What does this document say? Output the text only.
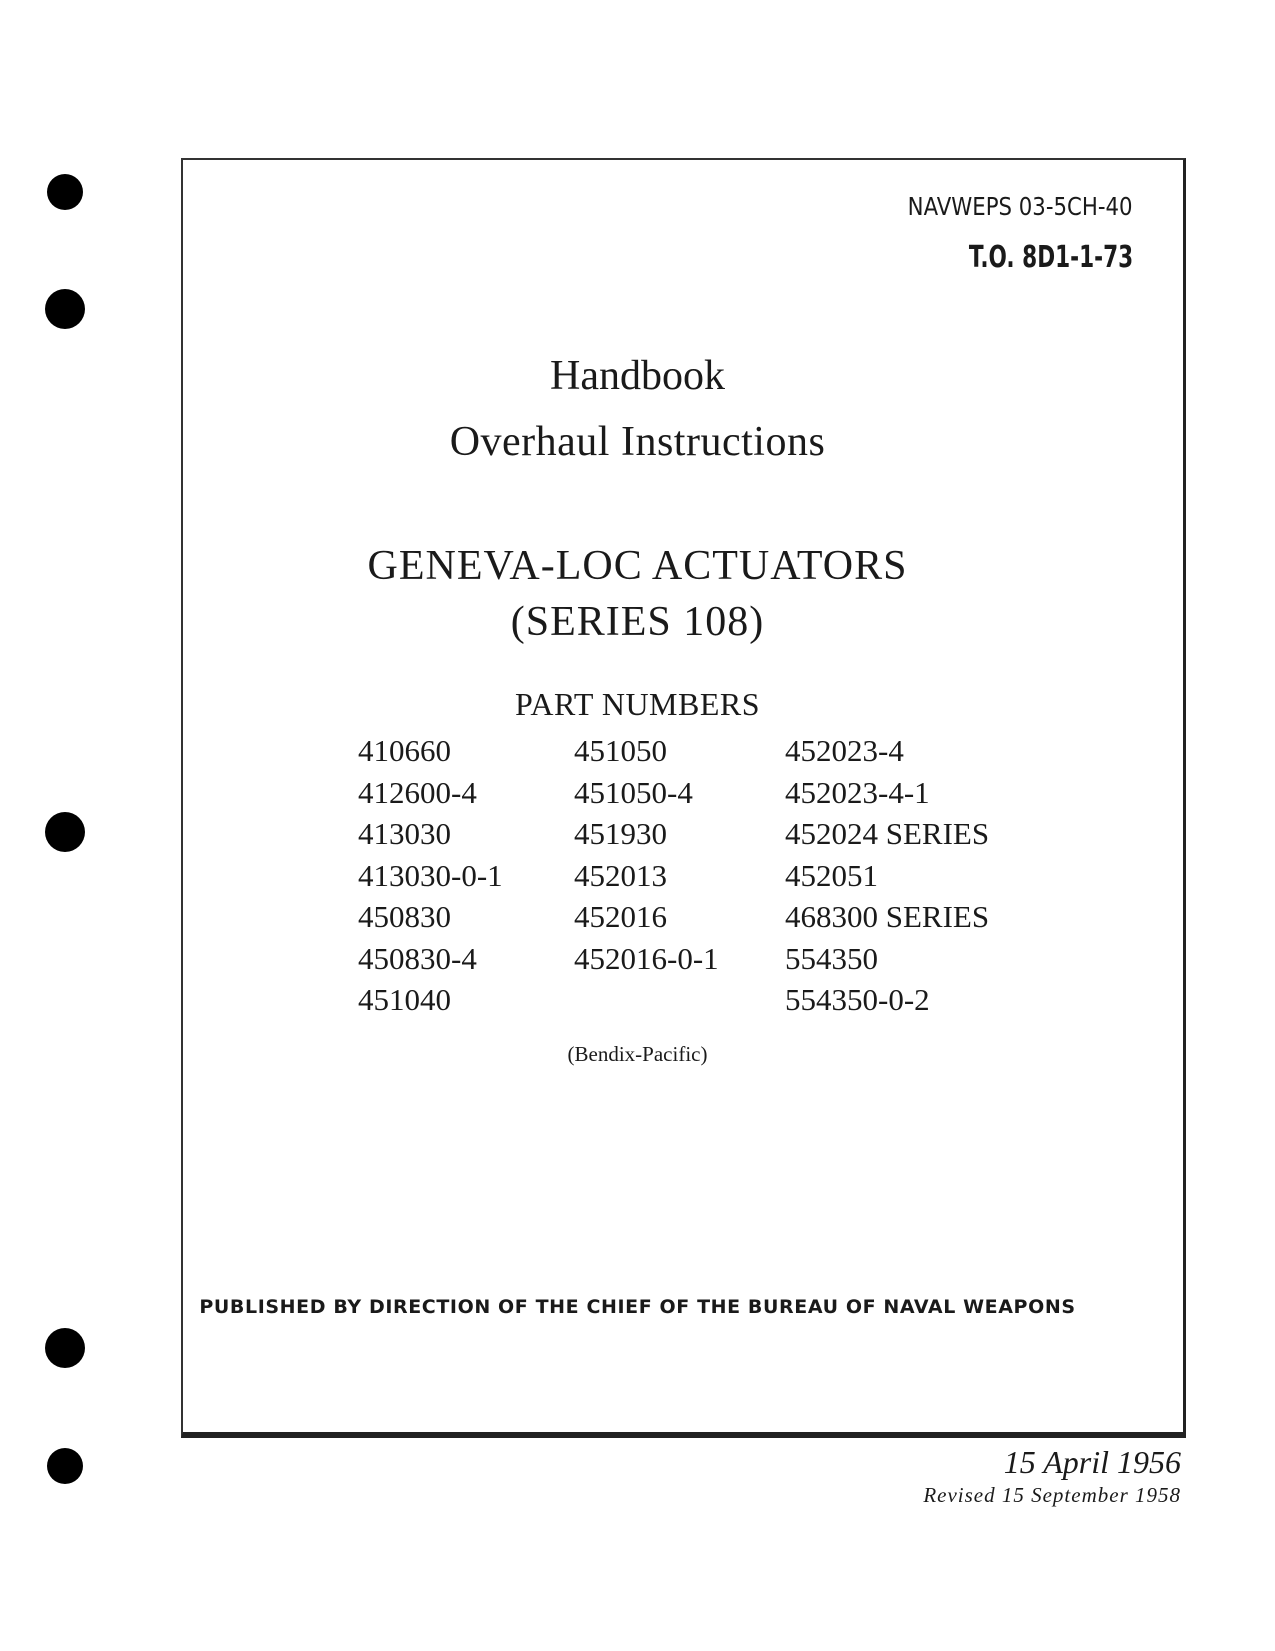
NAVWEPS 03-5CH-40
T.O. 8D1-1-73
Handbook
Overhaul Instructions
GENEVA-LOC ACTUATORS
(SERIES 108)
PART NUMBERS
410660
412600-4
413030
413030-0-1
450830
450830-4
451040
451050
451050-4
451930
452013
452016
452016-0-1
452023-4
452023-4-1
452024 SERIES
452051
468300 SERIES
554350
554350-0-2
(Bendix-Pacific)
PUBLISHED BY DIRECTION OF THE CHIEF OF THE BUREAU OF NAVAL WEAPONS
15 April 1956
Revised 15 September 1958
